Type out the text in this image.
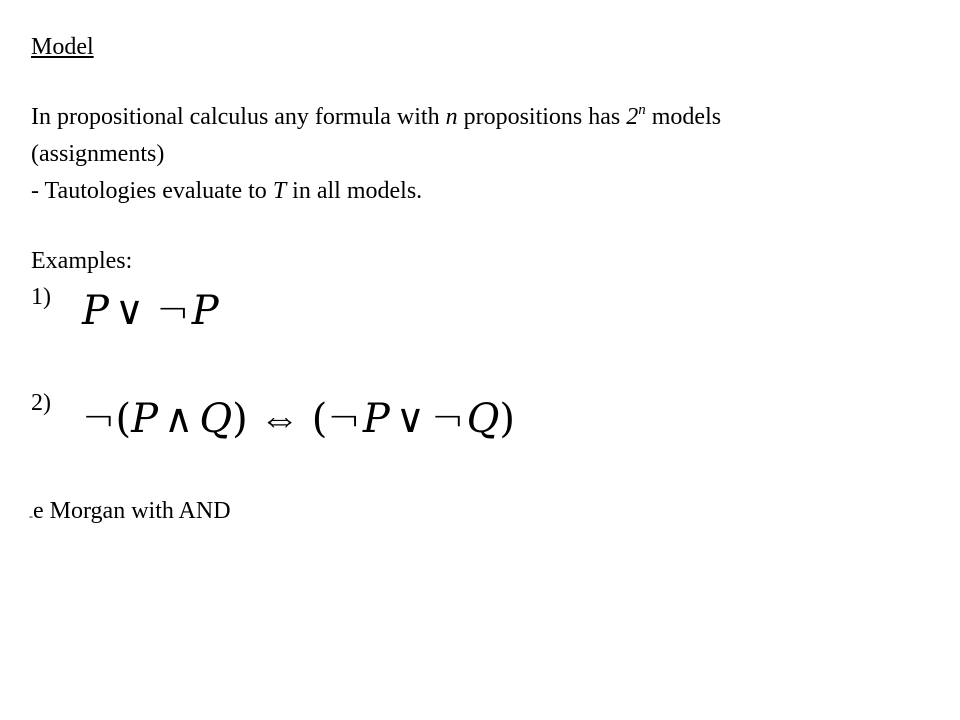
Model
In propositional calculus any formula with n propositions has 2$^n$ models
(assignments)
- Tautologies evaluate to T in all models.
Examples:
1) P ∨ ¬P
2) ¬(P ∧ Q) ⇔ (¬P ∨ ¬Q)
-e Morgan with AND
